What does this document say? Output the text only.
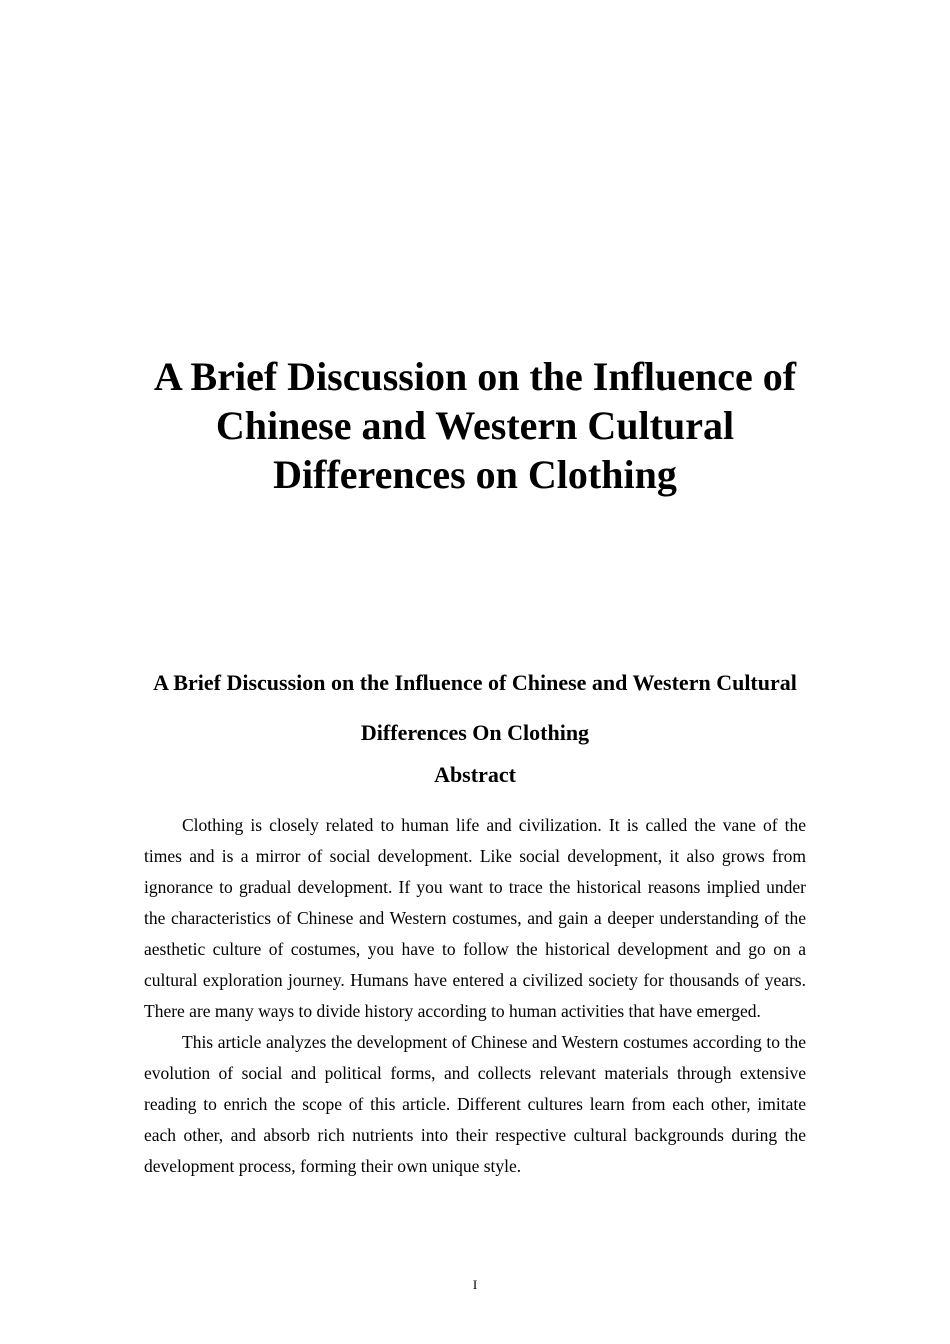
A Brief Discussion on the Influence of Chinese and Western Cultural Differences on Clothing
A Brief Discussion on the Influence of Chinese and Western Cultural Differences On Clothing
Abstract

Clothing is closely related to human life and civilization. It is called the vane of the times and is a mirror of social development. Like social development, it also grows from ignorance to gradual development. If you want to trace the historical reasons implied under the characteristics of Chinese and Western costumes, and gain a deeper understanding of the aesthetic culture of costumes, you have to follow the historical development and go on a cultural exploration journey. Humans have entered a civilized society for thousands of years. There are many ways to divide history according to human activities that have emerged.

This article analyzes the development of Chinese and Western costumes according to the evolution of social and political forms, and collects relevant materials through extensive reading to enrich the scope of this article. Different cultures learn from each other, imitate each other, and absorb rich nutrients into their respective cultural backgrounds during the development process, forming their own unique style.

I
